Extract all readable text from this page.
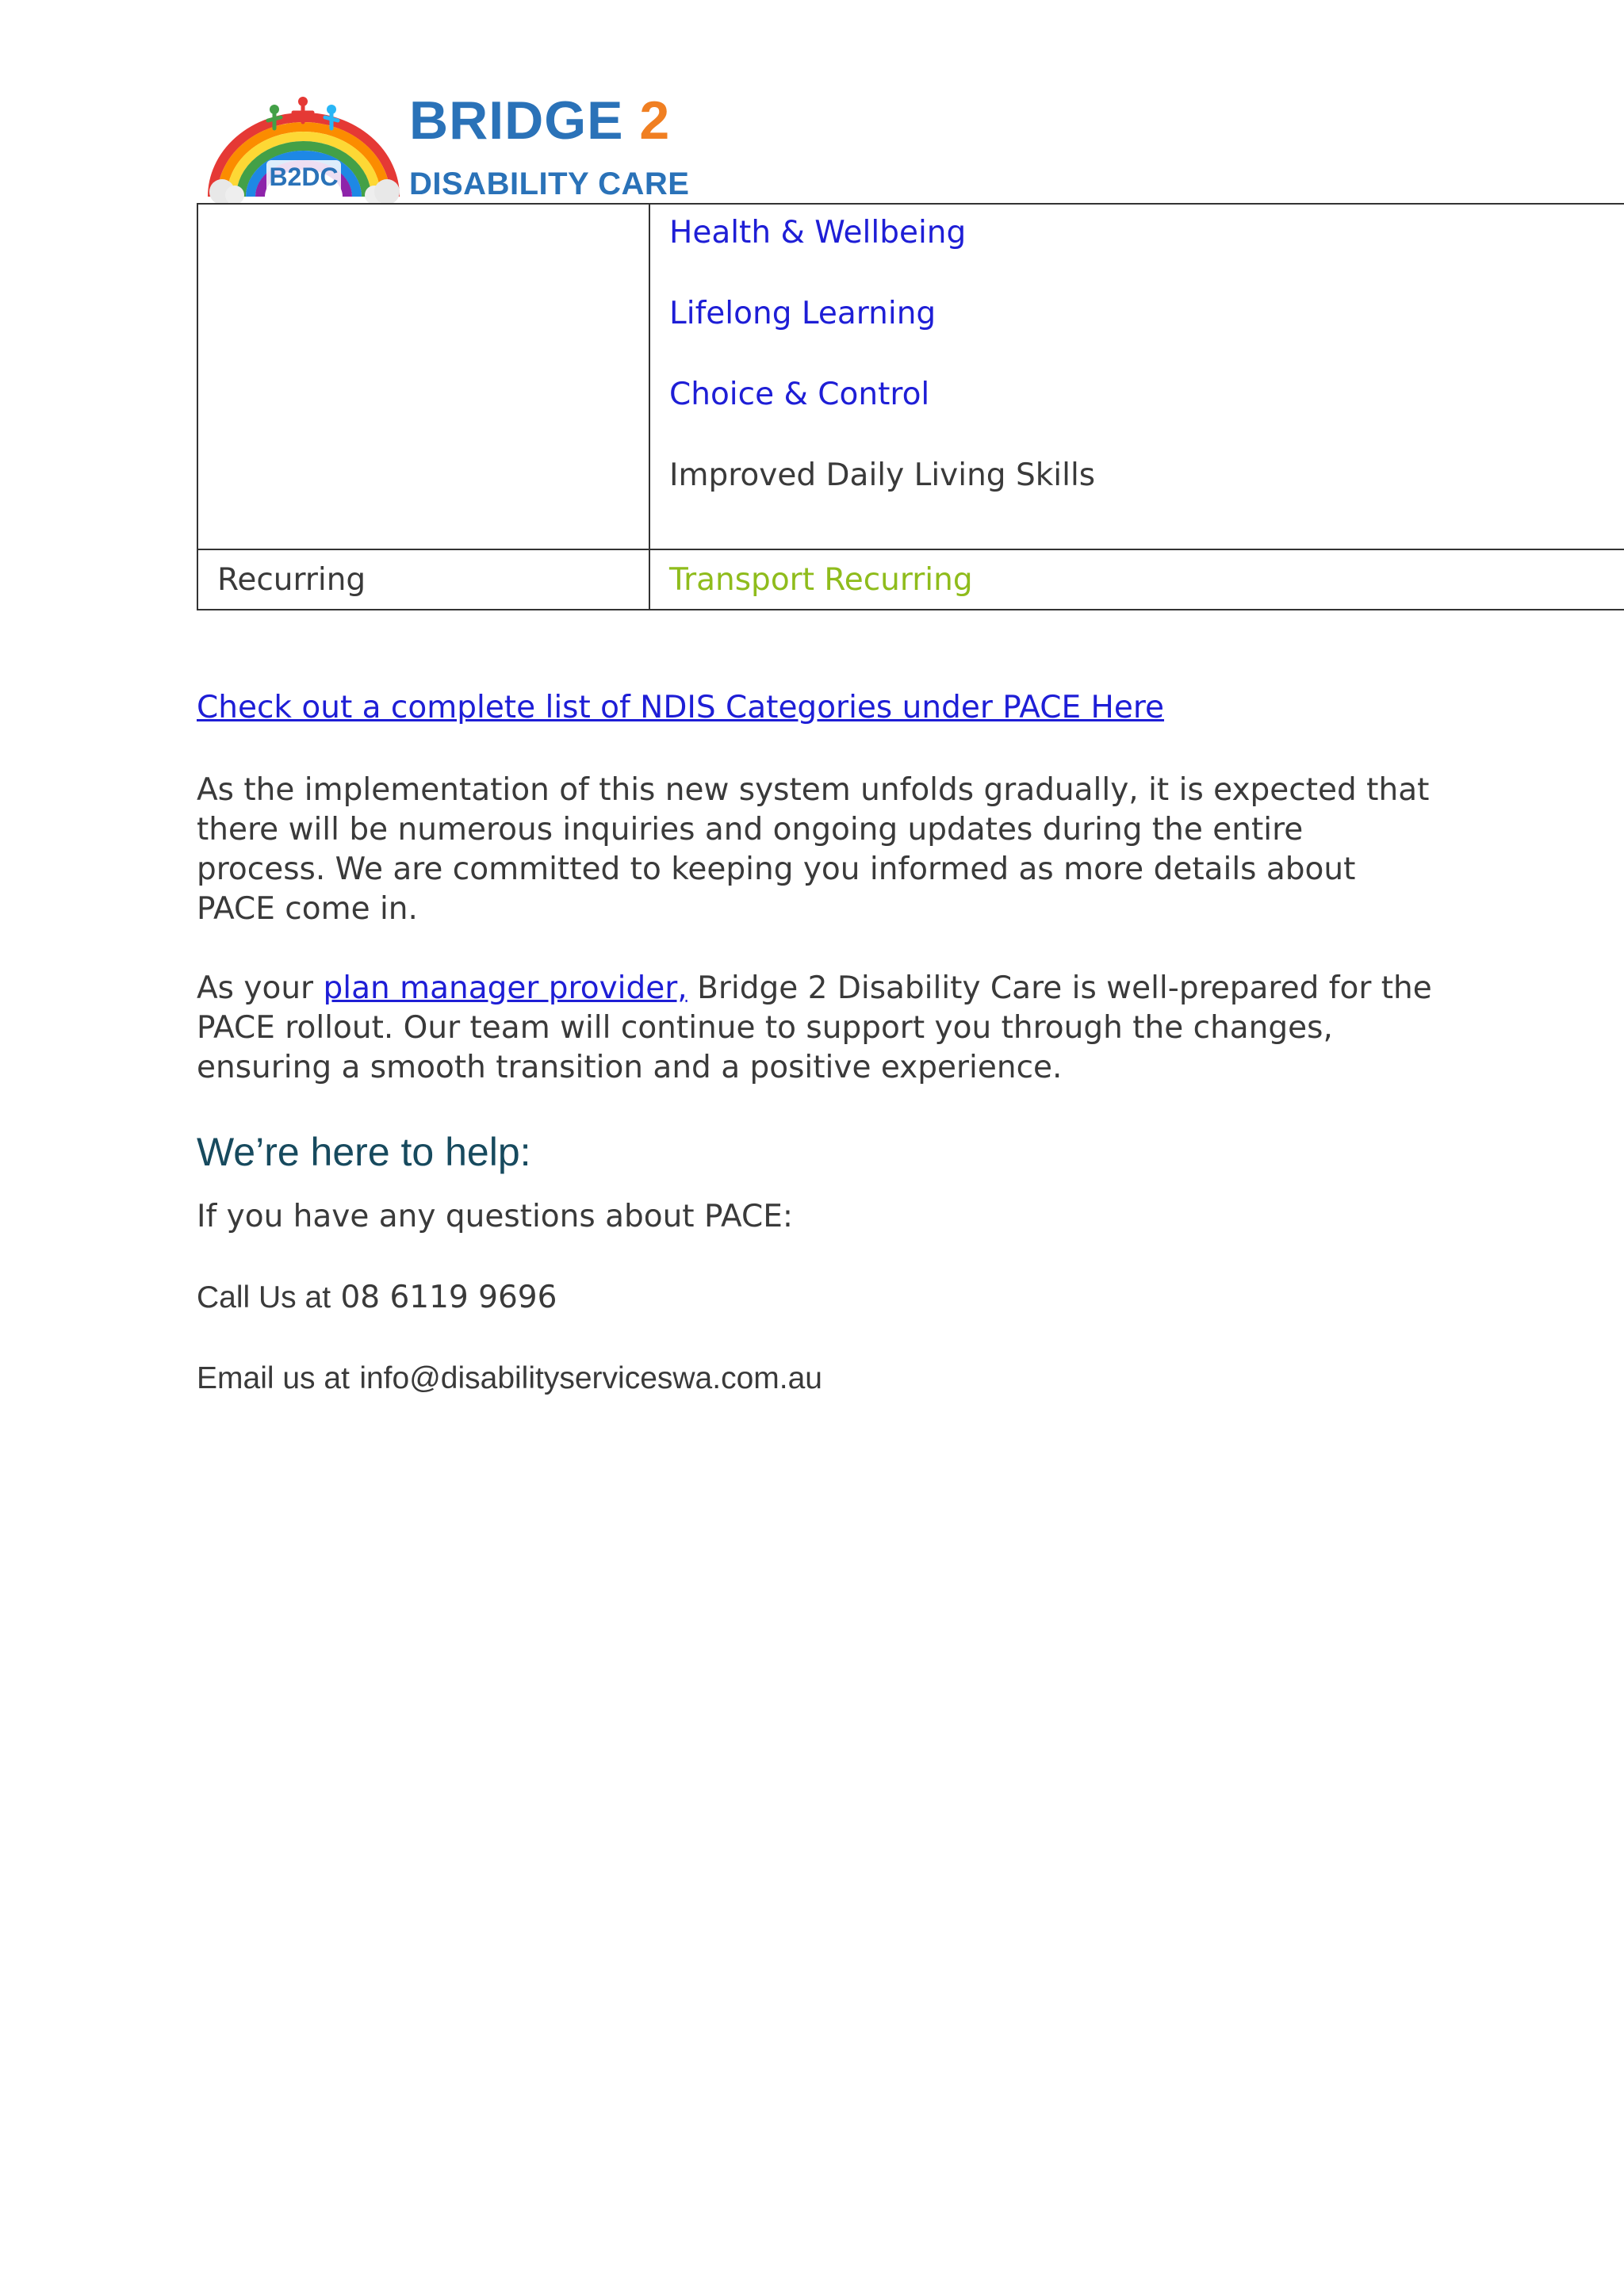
B2DC
BRIDGE 2
DISABILITY CARE

	Health & Wellbeing
Lifelong Learning
Choice & Control
Improved Daily Living Skills

Recurring	Transport Recurring
Check out a complete list of NDIS Categories under PACE Here

As the implementation of this new system unfolds gradually, it is expected that there will be numerous inquiries and ongoing updates during the entire process. We are committed to keeping you informed as more details about PACE come in.

As your plan manager provider, Bridge 2 Disability Care is well-prepared for the PACE rollout. Our team will continue to support you through the changes, ensuring a smooth transition and a positive experience.

We’re here to help:
If you have any questions about PACE:
Call Us at 08 6119 9696
Email us at info@disabilityserviceswa.com.au
